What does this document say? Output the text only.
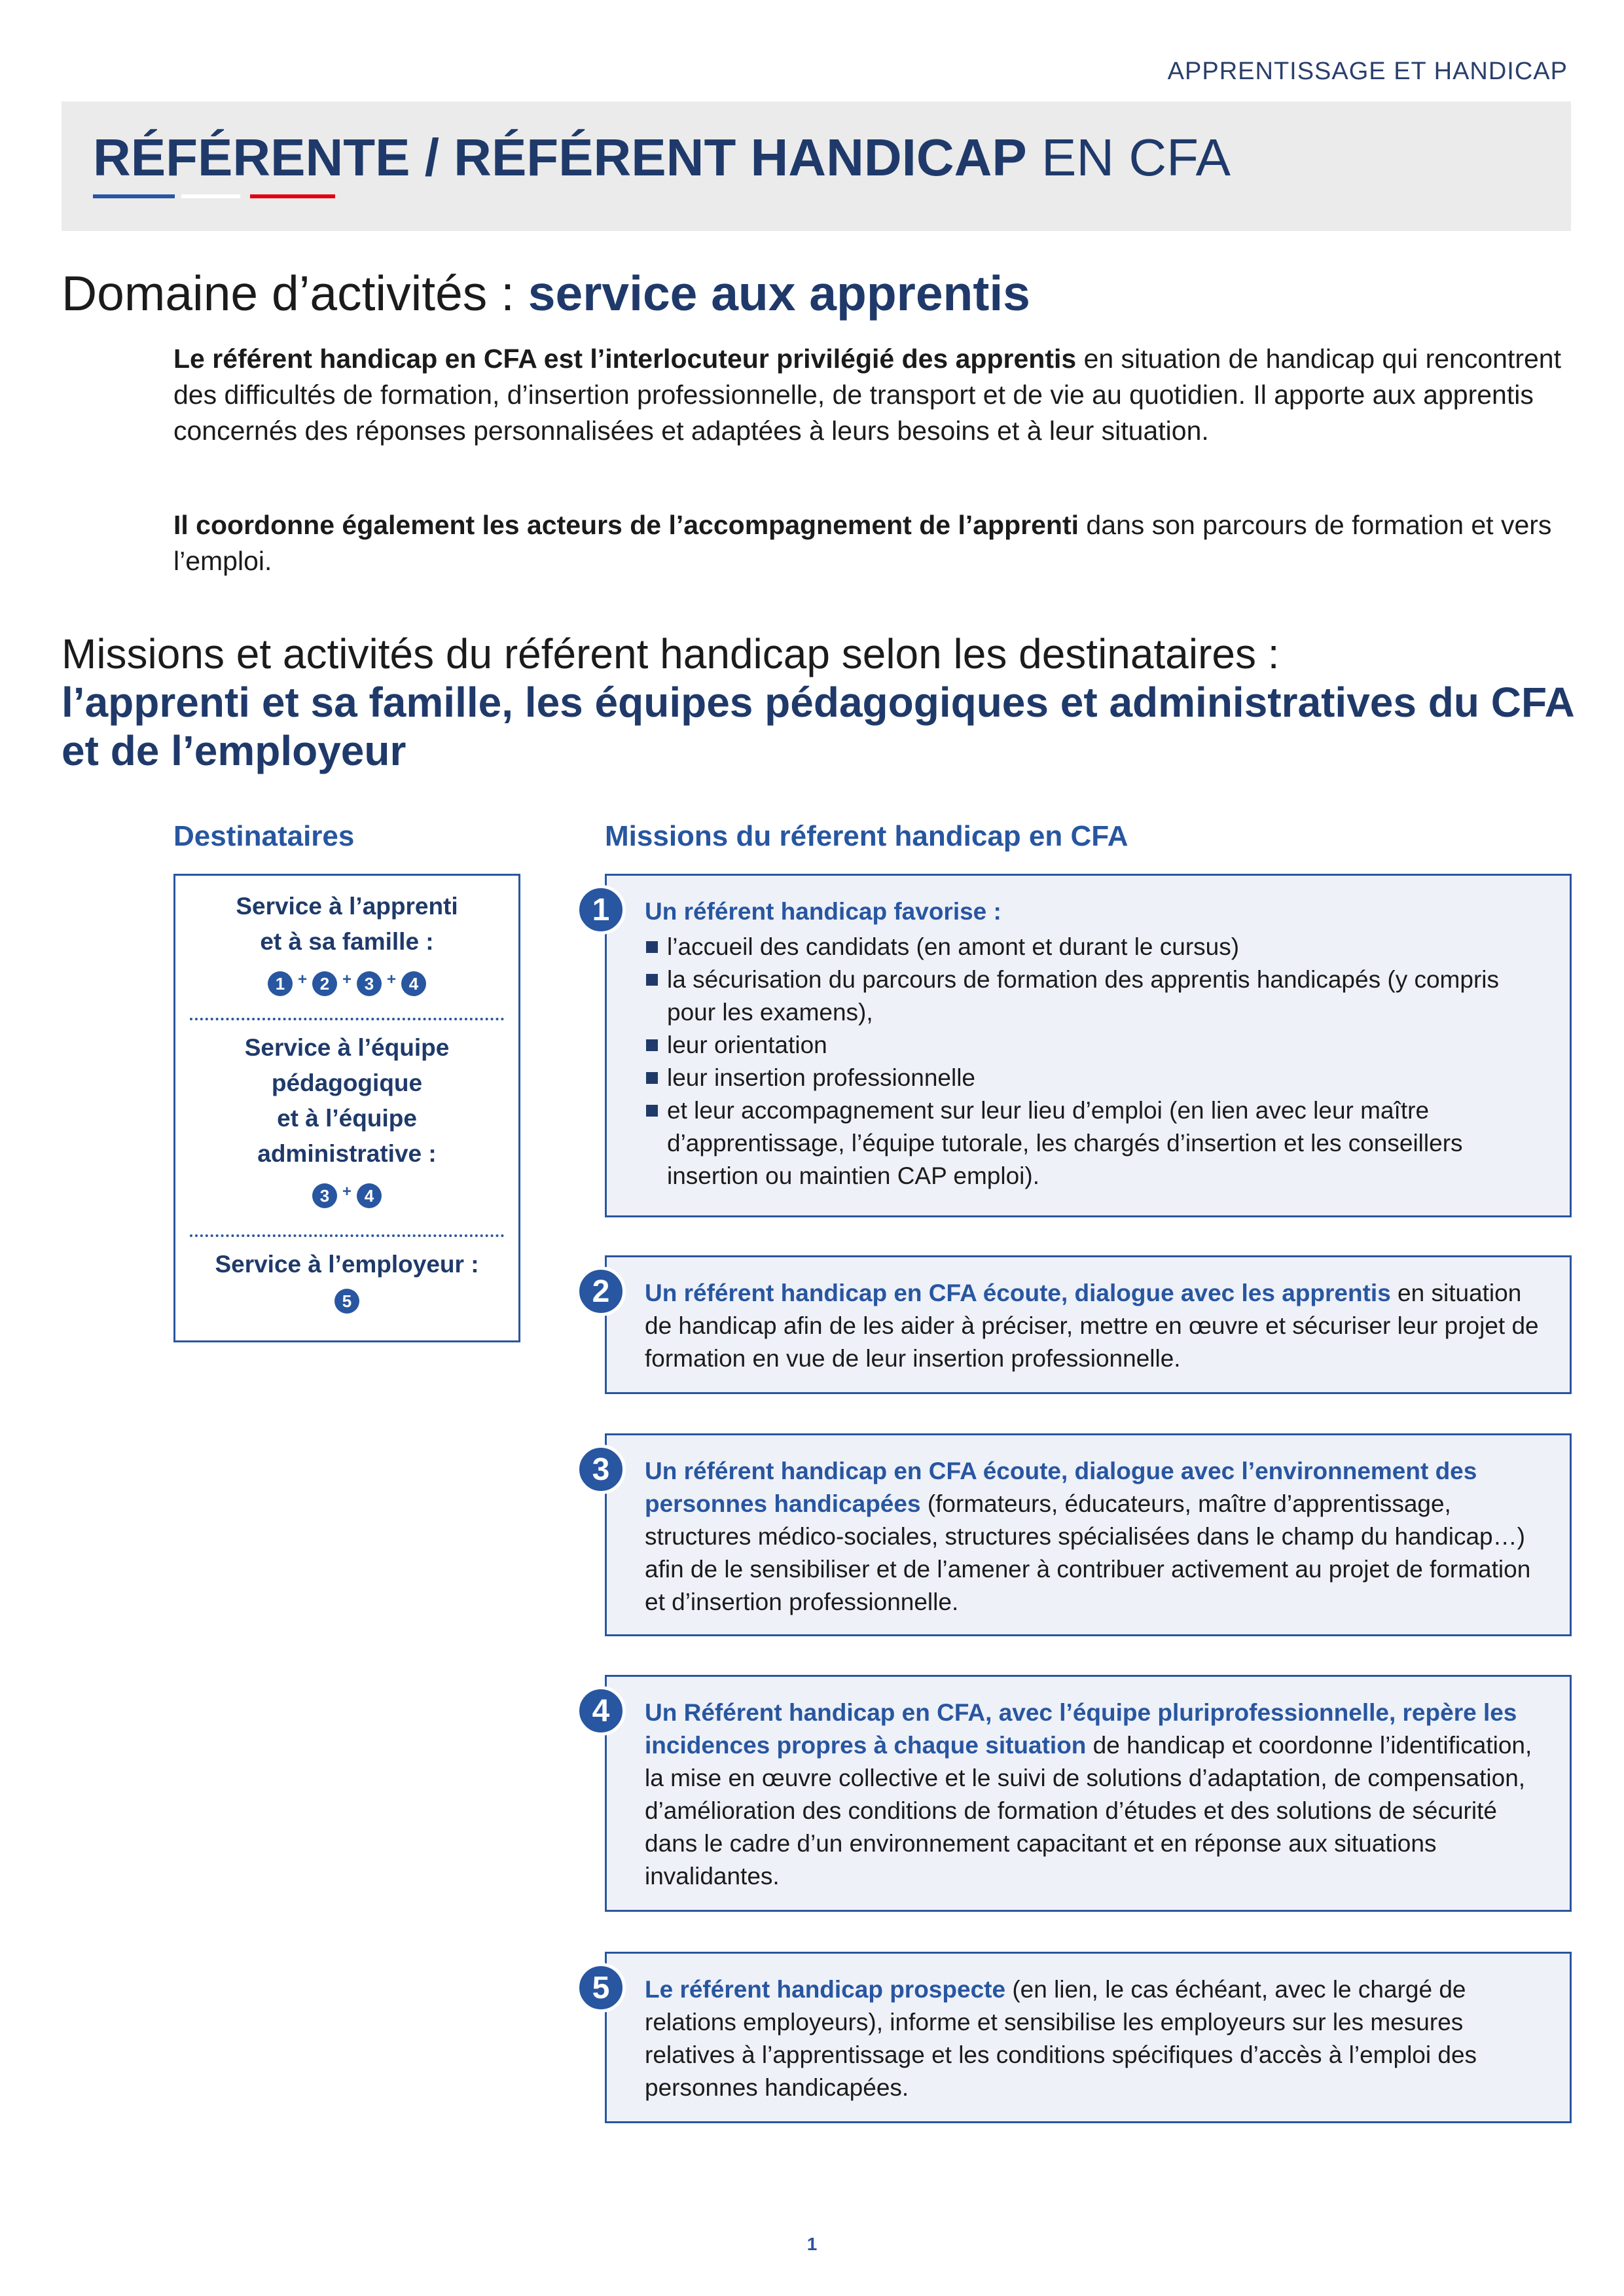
APPRENTISSAGE ET HANDICAP
RÉFÉRENTE / RÉFÉRENT HANDICAP EN CFA
Domaine d’activités : service aux apprentis
Le référent handicap en CFA est l’interlocuteur privilégié des apprentis en situation de handicap qui rencontrent des difficultés de formation, d’insertion professionnelle, de transport et de vie au quotidien. Il apporte aux apprentis concernés des réponses personnalisées et adaptées à leurs besoins et à leur situation.
Il coordonne également les acteurs de l’accompagnement de l’apprenti dans son parcours de formation et vers l’emploi.
Missions et activités du référent handicap selon les destinataires :
l’apprenti et sa famille, les équipes pédagogiques et administratives du CFA et de l’employeur
Destinataires	Missions du réferent handicap en CFA
Service à l’apprenti
et à sa famille :
1 + 2 + 3 + 4
Service à l’équipe
pédagogique
et à l’équipe
administrative :
3 + 4
Service à l’employeur :
5
Un référent handicap favorise :
l’accueil des candidats (en amont et durant le cursus)
la sécurisation du parcours de formation des apprentis handicapés (y compris pour les examens),
leur orientation
leur insertion professionnelle
et leur accompagnement sur leur lieu d’emploi (en lien avec leur maître d’apprentissage, l’équipe tutorale, les chargés d’insertion et les conseillers insertion ou maintien CAP emploi).
1
Un référent handicap en CFA écoute, dialogue avec les apprentis en situation de handicap afin de les aider à préciser, mettre en œuvre et sécuriser leur projet de formation en vue de leur insertion professionnelle.
2
Un référent handicap en CFA écoute, dialogue avec l’environnement des personnes handicapées (formateurs, éducateurs, maître d’apprentissage, structures médico-sociales, structures spécialisées dans le champ du handicap…) afin de le sensibiliser et de l’amener à contribuer activement au projet de formation et d’insertion professionnelle.
3
Un Référent handicap en CFA, avec l’équipe pluriprofessionnelle, repère les incidences propres à chaque situation de handicap et coordonne l’identification, la mise en œuvre collective et le suivi de solutions d’adaptation, de compensation, d’amélioration des conditions de formation d’études et des solutions de sécurité dans le cadre d’un environnement capacitant et en réponse aux situations invalidantes.
4
Le référent handicap prospecte (en lien, le cas échéant, avec le chargé de relations employeurs), informe et sensibilise les employeurs sur les mesures relatives à l’apprentissage et les conditions spécifiques d’accès à l’emploi des personnes handicapées.
5
1
